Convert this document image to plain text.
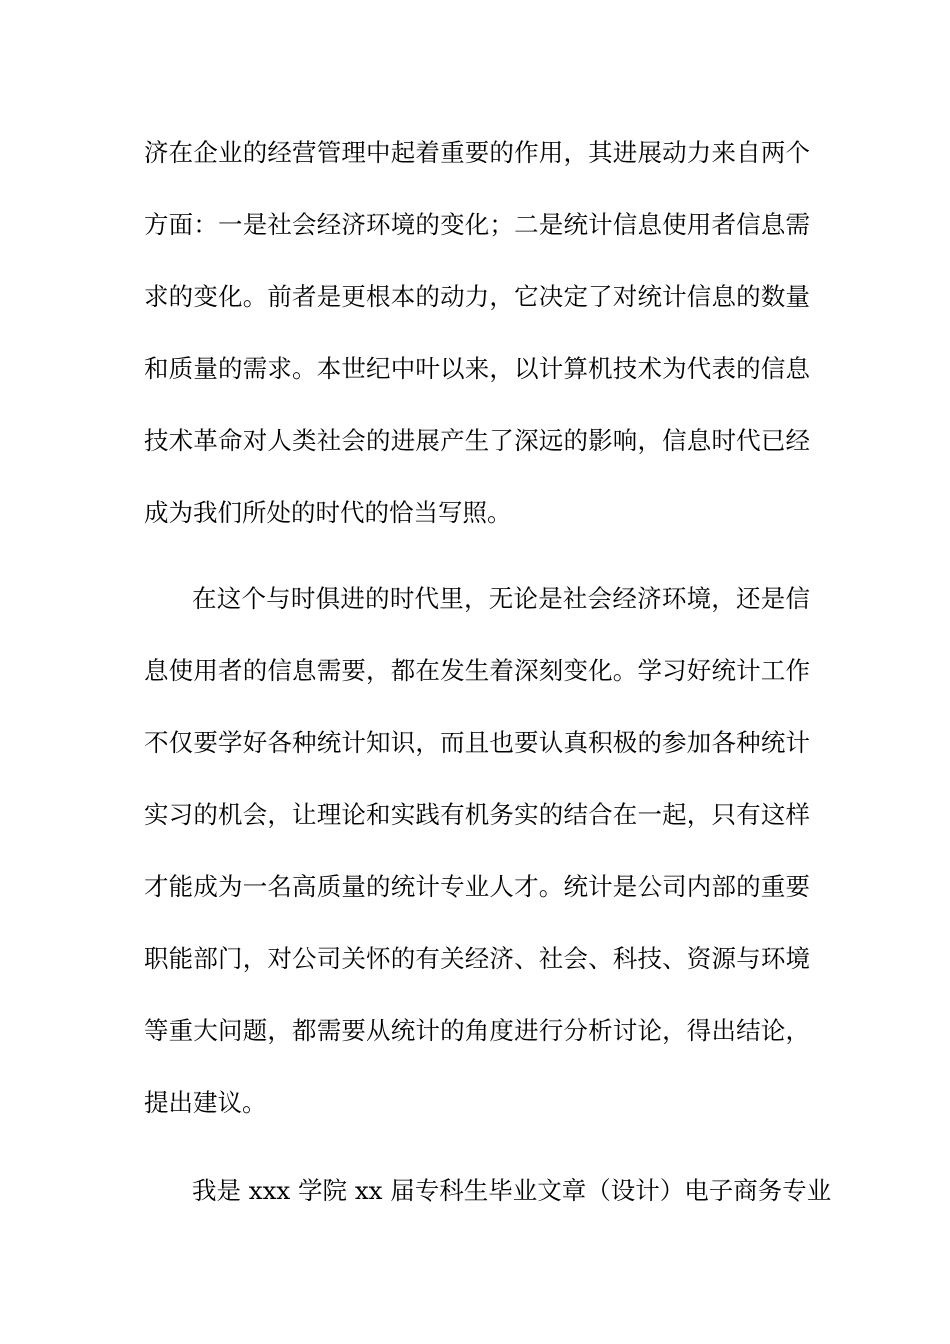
济在企业的经营管理中起着重要的作用，其进展动力来自两个
方面：一是社会经济环境的变化；二是统计信息使用者信息需
求的变化。前者是更根本的动力，它决定了对统计信息的数量
和质量的需求。本世纪中叶以来，以计算机技术为代表的信息
技术革命对人类社会的进展产生了深远的影响，信息时代已经
成为我们所处的时代的恰当写照。
在这个与时俱进的时代里，无论是社会经济环境，还是信
息使用者的信息需要，都在发生着深刻变化。学习好统计工作
不仅要学好各种统计知识，而且也要认真积极的参加各种统计
实习的机会，让理论和实践有机务实的结合在一起，只有这样
才能成为一名高质量的统计专业人才。统计是公司内部的重要
职能部门，对公司关怀的有关经济、社会、科技、资源与环境
等重大问题，都需要从统计的角度进行分析讨论，得出结论，
提出建议。
我是 xxx 学院 xx 届专科生毕业文章（设计）电子商务专业
